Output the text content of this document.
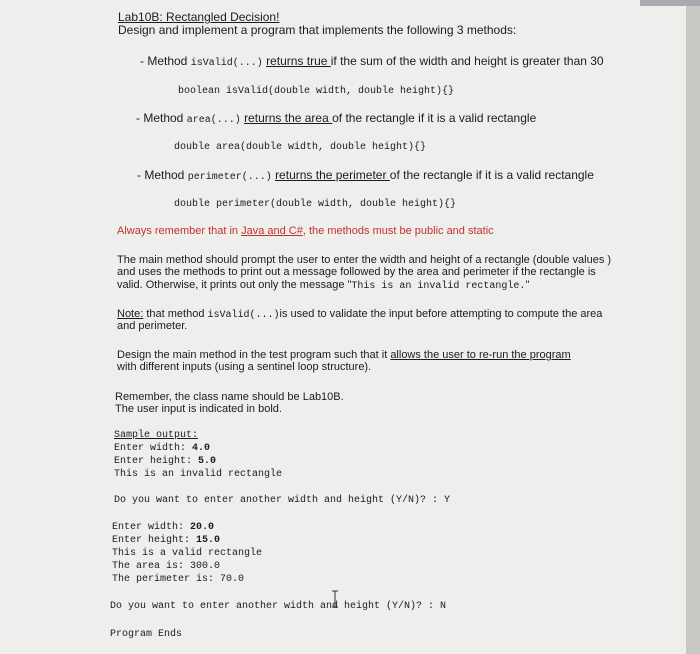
Lab10B: Rectangled Decision!
Design and implement a program that implements the following 3 methods:
- Method isValid(...) returns true if the sum of the width and height is greater than 30
boolean isValid(double width, double height){}
- Method area(...) returns the area of the rectangle if it is a valid rectangle
double area(double width, double height){}
- Method perimeter(...) returns the perimeter of the rectangle if it is a valid rectangle
double perimeter(double width, double height){}
Always remember that in Java and C#, the methods must be public and static
The main method should prompt the user to enter the width and height of a rectangle (double values )
and uses the methods to print out a message followed by the area and perimeter if the rectangle is
valid. Otherwise, it prints out only the message "This is an invalid rectangle."
Note: that method isValid(...)is used to validate the input before attempting to compute the area
and perimeter.
Design the main method in the test program such that it allows the user to re-run the program
with different inputs (using a sentinel loop structure).
Remember, the class name should be Lab10B.
The user input is indicated in bold.
Sample output:
Enter width: 4.0
Enter height: 5.0
This is an invalid rectangle
Do you want to enter another width and height (Y/N)? : Y
Enter width: 20.0
Enter height: 15.0
This is a valid rectangle
The area is: 300.0
The perimeter is: 70.0
Do you want to enter another width and height (Y/N)? : N
Program Ends
